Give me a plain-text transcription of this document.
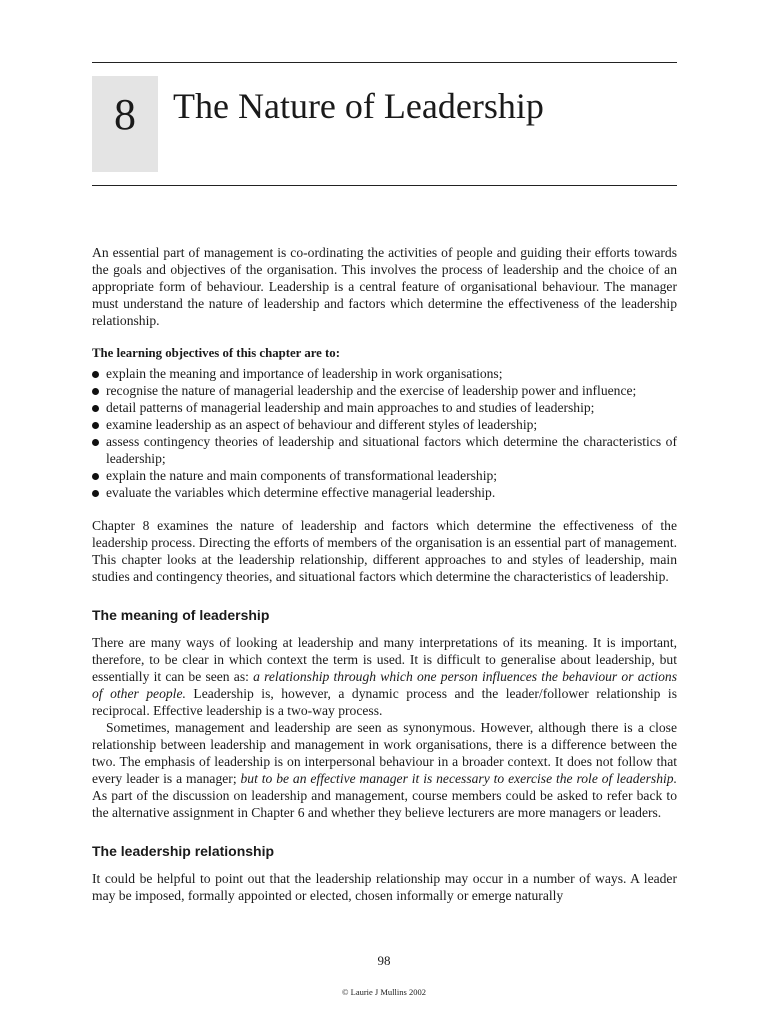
8	The Nature of Leadership

An essential part of management is co-ordinating the activities of people and guiding their efforts towards the goals and objectives of the organisation. This involves the process of leadership and the choice of an appropriate form of behaviour. Leadership is a central feature of organisational behaviour. The manager must understand the nature of leadership and factors which determine the effectiveness of the leadership relationship.

The learning objectives of this chapter are to:
explain the meaning and importance of leadership in work organisations;
recognise the nature of managerial leadership and the exercise of leadership power and influence;
detail patterns of managerial leadership and main approaches to and studies of leadership;
examine leadership as an aspect of behaviour and different styles of leadership;
assess contingency theories of leadership and situational factors which determine the characteristics of leadership;
explain the nature and main components of transformational leadership;
evaluate the variables which determine effective managerial leadership.

Chapter 8 examines the nature of leadership and factors which determine the effectiveness of the leadership process. Directing the efforts of members of the organisation is an essential part of management. This chapter looks at the leadership relationship, different approaches to and styles of leadership, main studies and contingency theories, and situational factors which determine the characteristics of leadership.

The meaning of leadership

There are many ways of looking at leadership and many interpretations of its meaning. It is important, therefore, to be clear in which context the term is used. It is difficult to generalise about leadership, but essentially it can be seen as: a relationship through which one person influences the behaviour or actions of other people. Leadership is, however, a dynamic process and the leader/follower relationship is reciprocal. Effective leadership is a two-way process.

Sometimes, management and leadership are seen as synonymous. However, although there is a close relationship between leadership and management in work organisations, there is a difference between the two. The emphasis of leadership is on interpersonal behaviour in a broader context. It does not follow that every leader is a manager; but to be an effective manager it is necessary to exercise the role of leadership. As part of the discussion on leadership and management, course members could be asked to refer back to the alternative assignment in Chapter 6 and whether they believe lecturers are more managers or leaders.

The leadership relationship

It could be helpful to point out that the leadership relationship may occur in a number of ways. A leader may be imposed, formally appointed or elected, chosen informally or emerge naturally

98
© Laurie J Mullins 2002
